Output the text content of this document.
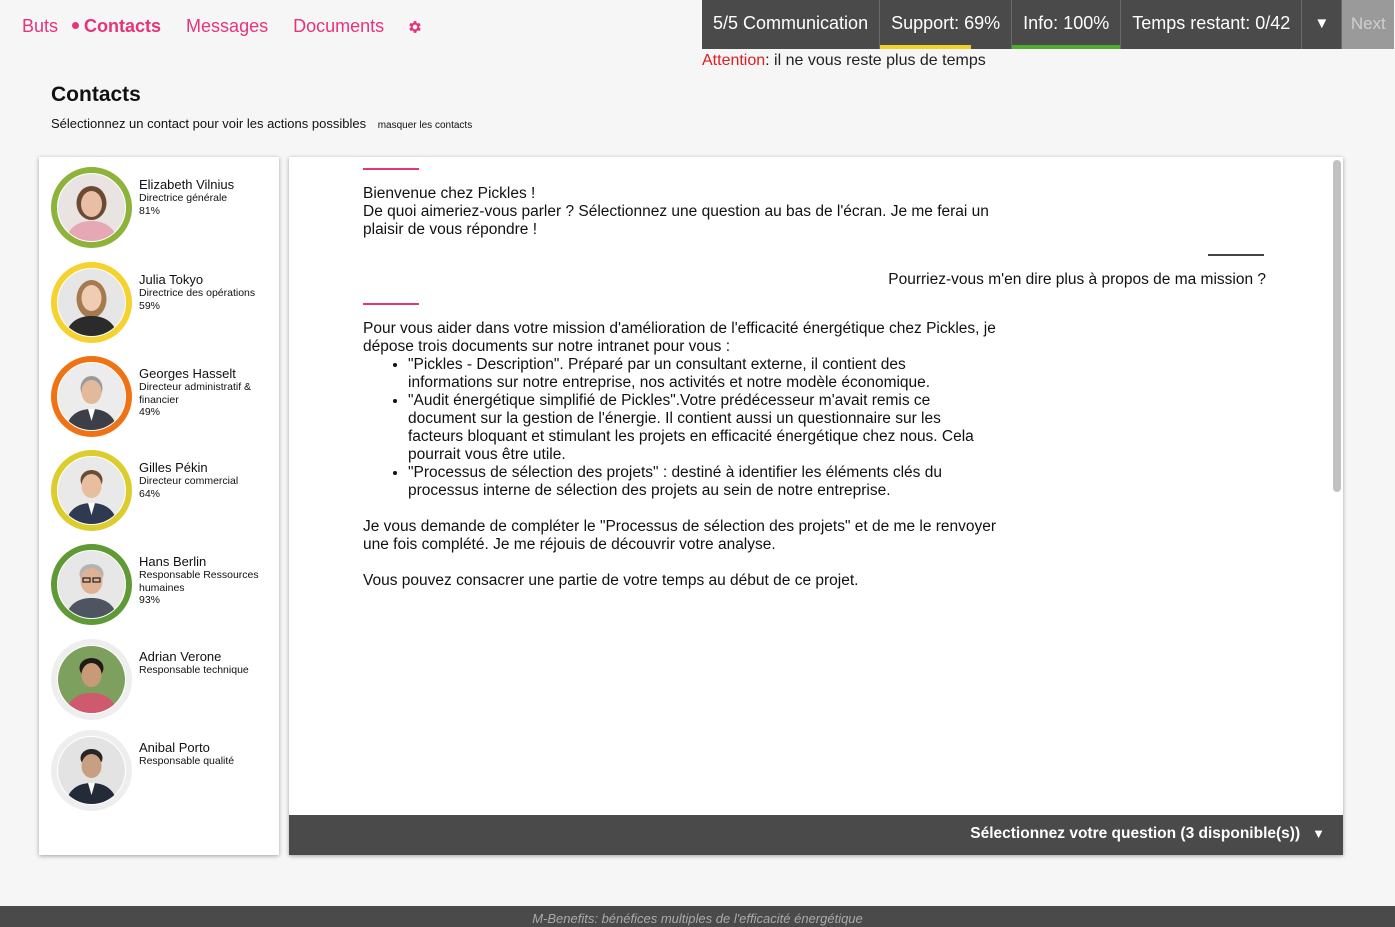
Buts	Contacts Messages Documents	5/5 Communication	Support: 69%	Info: 100%	Temps restant: 0/42	▼	Next
Attention: il ne vous reste plus de temps
Contacts
Sélectionnez un contact pour voir les actions possibles masquer les contacts
Elizabeth Vilnius
Directrice générale
81%
Julia Tokyo
Directrice des opérations
59%
Georges Hasselt
Directeur administratif & financier
49%
Gilles Pékin
Directeur commercial
64%
Hans Berlin
Responsable Ressources humaines
93%
Adrian Verone
Responsable technique
Anibal Porto
Responsable qualité
Bienvenue chez Pickles !
De quoi aimeriez-vous parler ? Sélectionnez une question au bas de l'écran. Je me ferai un
plaisir de vous répondre !
Pourriez-vous m'en dire plus à propos de ma mission ?
Pour vous aider dans votre mission d'amélioration de l'efficacité énergétique chez Pickles, je
dépose trois documents sur notre intranet pour vous :
• "Pickles - Description". Préparé par un consultant externe, il contient des
informations sur notre entreprise, nos activités et notre modèle économique.
• "Audit énergétique simplifié de Pickles".Votre prédécesseur m'avait remis ce
document sur la gestion de l'énergie. Il contient aussi un questionnaire sur les
facteurs bloquant et stimulant les projets en efficacité énergétique chez nous. Cela
pourrait vous être utile.
• "Processus de sélection des projets" : destiné à identifier les éléments clés du
processus interne de sélection des projets au sein de notre entreprise.
Je vous demande de compléter le "Processus de sélection des projets" et de me le renvoyer
une fois complété. Je me réjouis de découvrir votre analyse.

Vous pouvez consacrer une partie de votre temps au début de ce projet.
Sélectionnez votre question (3 disponible(s)) ▼
M-Benefits: bénéfices multiples de l'efficacité énergétique
